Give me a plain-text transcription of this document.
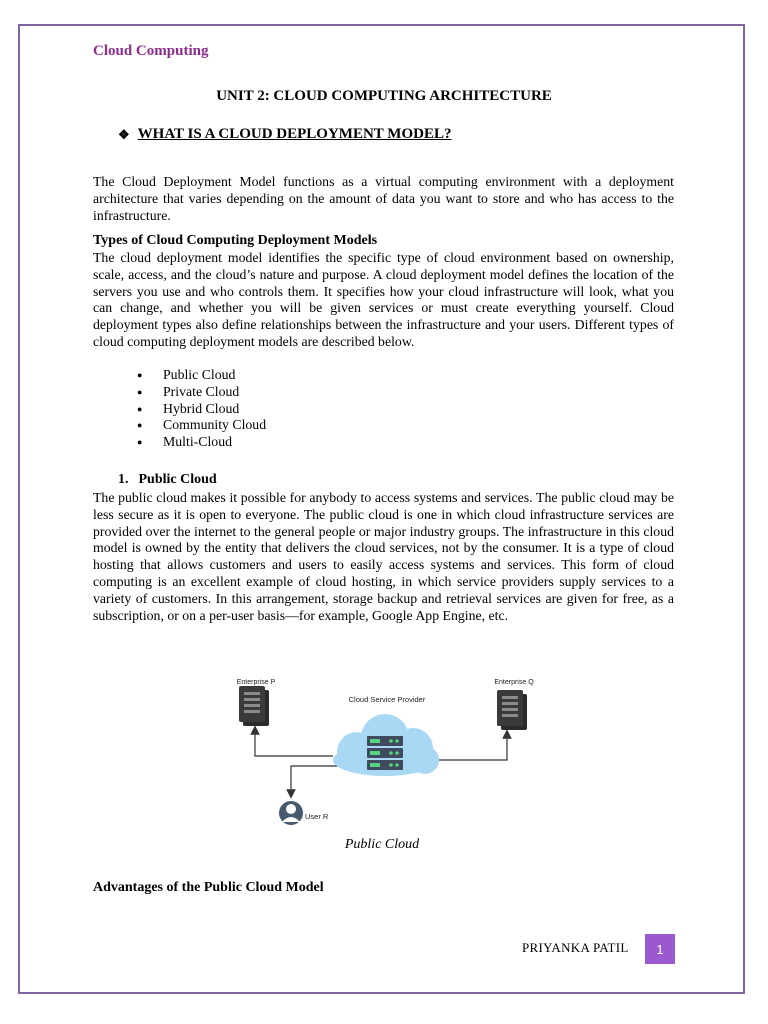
Cloud Computing
UNIT 2: CLOUD COMPUTING ARCHITECTURE
❖ WHAT IS A CLOUD DEPLOYMENT MODEL?
The Cloud Deployment Model functions as a virtual computing environment with a deployment architecture that varies depending on the amount of data you want to store and who has access to the infrastructure.
Types of Cloud Computing Deployment Models
The cloud deployment model identifies the specific type of cloud environment based on ownership, scale, access, and the cloud’s nature and purpose. A cloud deployment model defines the location of the servers you use and who controls them. It specifies how your cloud infrastructure will look, what you can change, and whether you will be given services or must create everything yourself. Cloud deployment types also define relationships between the infrastructure and your users. Different types of cloud computing deployment models are described below.
●	Public Cloud
●	Private Cloud
●	Hybrid Cloud
●	Community Cloud
●	Multi-Cloud
1. Public Cloud
The public cloud makes it possible for anybody to access systems and services. The public cloud may be less secure as it is open to everyone. The public cloud is one in which cloud infrastructure services are provided over the internet to the general people or major industry groups. The infrastructure in this cloud model is owned by the entity that delivers the cloud services, not by the consumer. It is a type of cloud hosting that allows customers and users to easily access systems and services. This form of cloud computing is an excellent example of cloud hosting, in which service providers supply services to a variety of customers. In this arrangement, storage backup and retrieval services are given for free, as a subscription, or on a per-user basis—for example, Google App Engine, etc.
Enterprise P	Enterprise Q
Cloud Service Provider
User R
Public Cloud
Advantages of the Public Cloud Model
PRIYANKA PATIL	1
